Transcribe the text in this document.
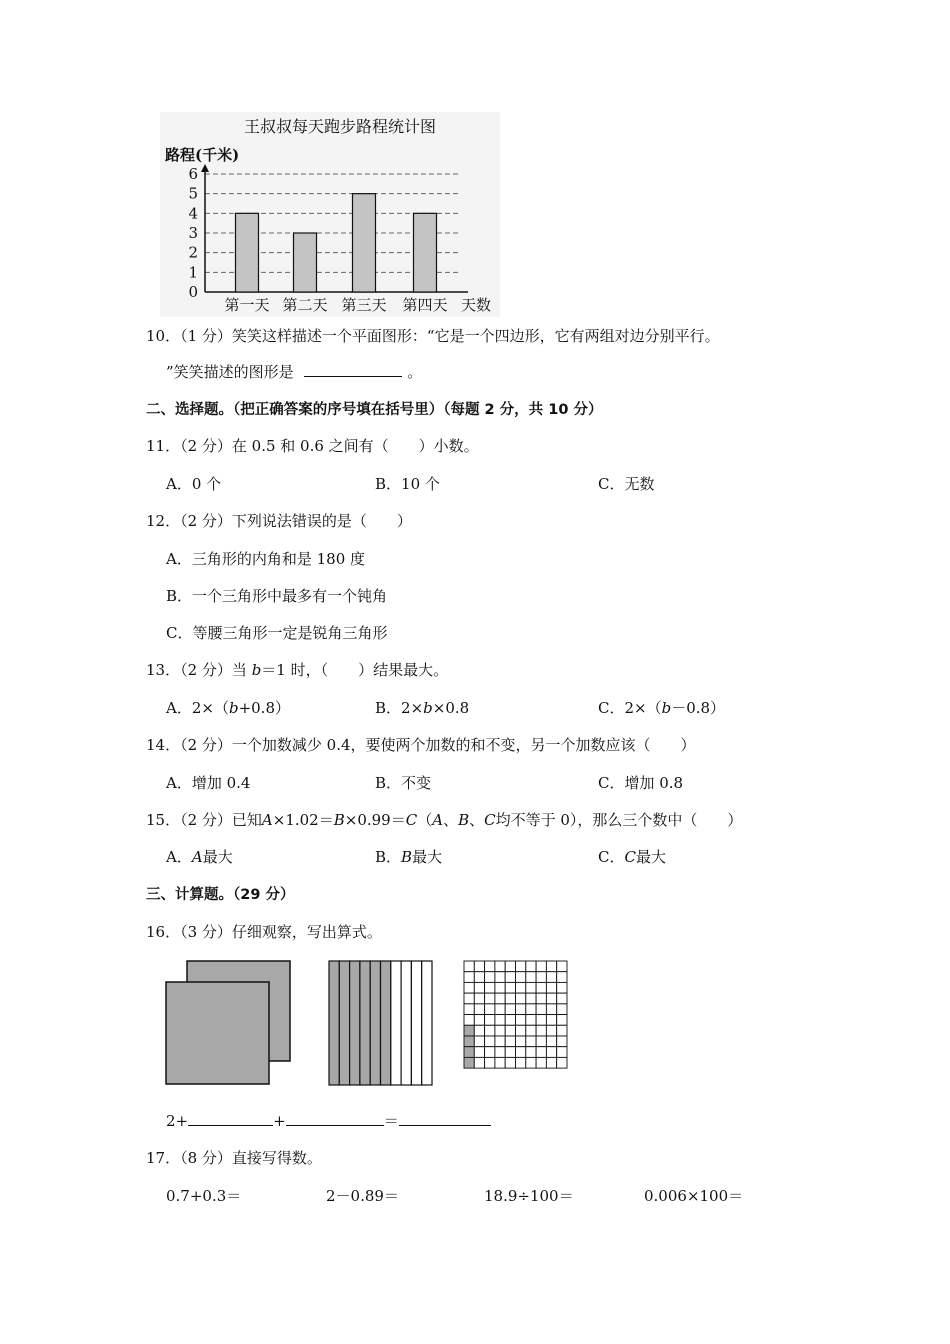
王叔叔每天跑步路程统计图
路程(千米)
0
1
2
3
4
5
6
第一天 第二天 第三天 第四天 天数
10．（1 分）笑笑这样描述一个平面图形：“它是一个四边形，它有两组对边分别平行。
”笑笑描述的图形是	。
二、选择题。（把正确答案的序号填在括号里）（每题 2 分，共 10 分）
11．（2 分）在 0.5 和 0.6 之间有（　　）小数。
A．0 个	B．10 个	C．无数
12．（2 分）下列说法错误的是（　　）
A．三角形的内角和是 180 度
B．一个三角形中最多有一个钝角
C．等腰三角形一定是锐角三角形
13．（2 分）当 b＝1 时，（　　）结果最大。
A．2×（b+0.8）	B．2×b×0.8	C．2×（b－0.8）
14．（2 分）一个加数减少 0.4，要使两个加数的和不变，另一个加数应该（　　）
A．增加 0.4	B．不变	C．增加 0.8
15．（2 分）已知A×1.02＝B×0.99＝C（A、B、C均不等于 0），那么三个数中（　　）
A．A最大	B．B最大	C．C最大
三、计算题。（29 分）
16．（3 分）仔细观察，写出算式。
2+	+	＝
17．（8 分）直接写得数。
0.7+0.3＝	2－0.89＝	18.9÷100＝	0.006×100＝
